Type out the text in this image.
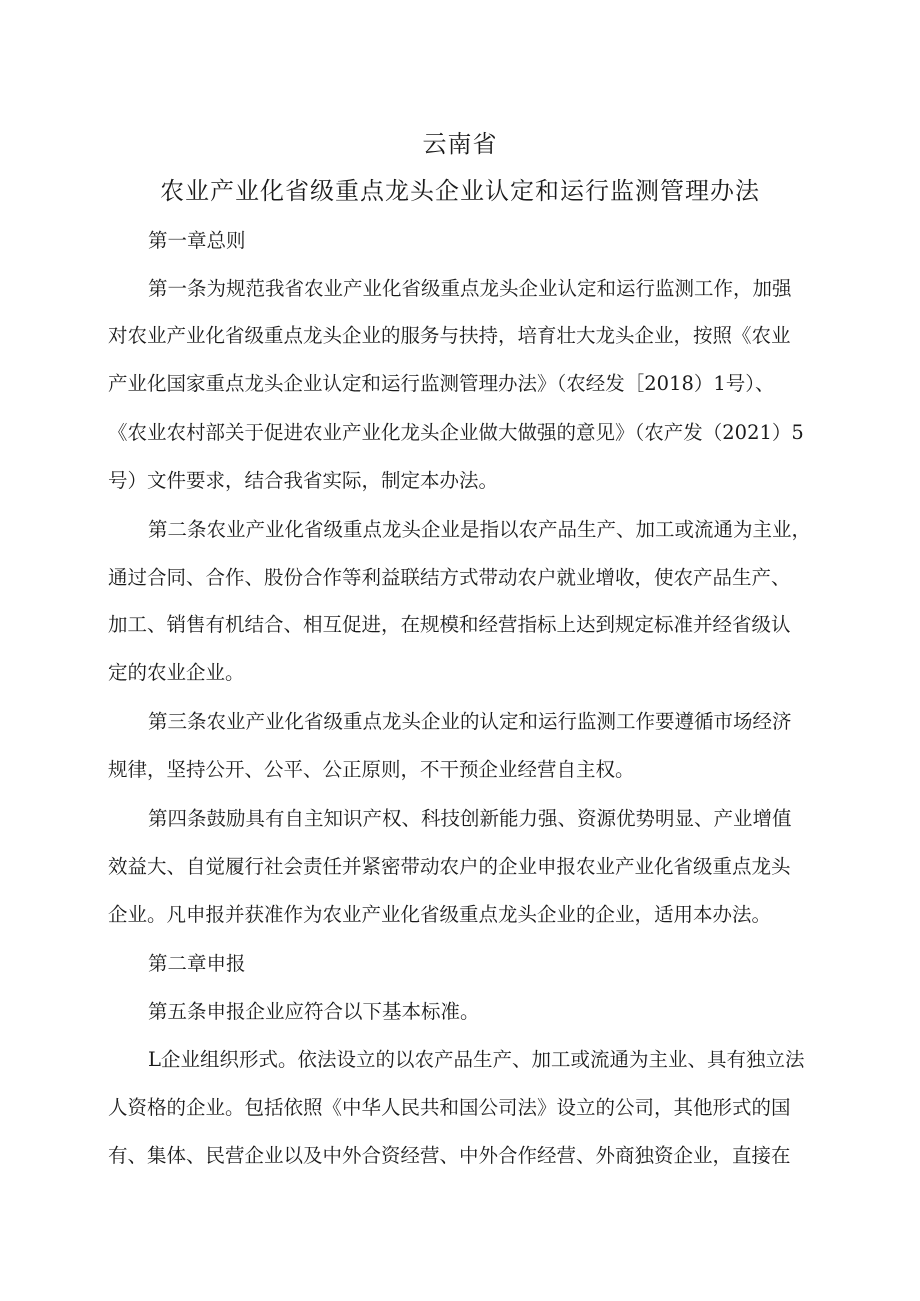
云南省
农业产业化省级重点龙头企业认定和运行监测管理办法
第一章总则
第一条为规范我省农业产业化省级重点龙头企业认定和运行监测工作，加强
对农业产业化省级重点龙头企业的服务与扶持，培育壮大龙头企业，按照《农业
产业化国家重点龙头企业认定和运行监测管理办法》（农经发［2018）1号）、
《农业农村部关于促进农业产业化龙头企业做大做强的意见》（农产发（2021）5
号）文件要求，结合我省实际，制定本办法。
第二条农业产业化省级重点龙头企业是指以农产品生产、加工或流通为主业，
通过合同、合作、股份合作等利益联结方式带动农户就业增收，使农产品生产、
加工、销售有机结合、相互促进，在规模和经营指标上达到规定标准并经省级认
定的农业企业。
第三条农业产业化省级重点龙头企业的认定和运行监测工作要遵循市场经济
规律，坚持公开、公平、公正原则，不干预企业经营自主权。
第四条鼓励具有自主知识产权、科技创新能力强、资源优势明显、产业增值
效益大、自觉履行社会责任并紧密带动农户的企业申报农业产业化省级重点龙头
企业。凡申报并获准作为农业产业化省级重点龙头企业的企业，适用本办法。
第二章申报
第五条申报企业应符合以下基本标准。
L企业组织形式。依法设立的以农产品生产、加工或流通为主业、具有独立法
人资格的企业。包括依照《中华人民共和国公司法》设立的公司，其他形式的国
有、集体、民营企业以及中外合资经营、中外合作经营、外商独资企业，直接在
